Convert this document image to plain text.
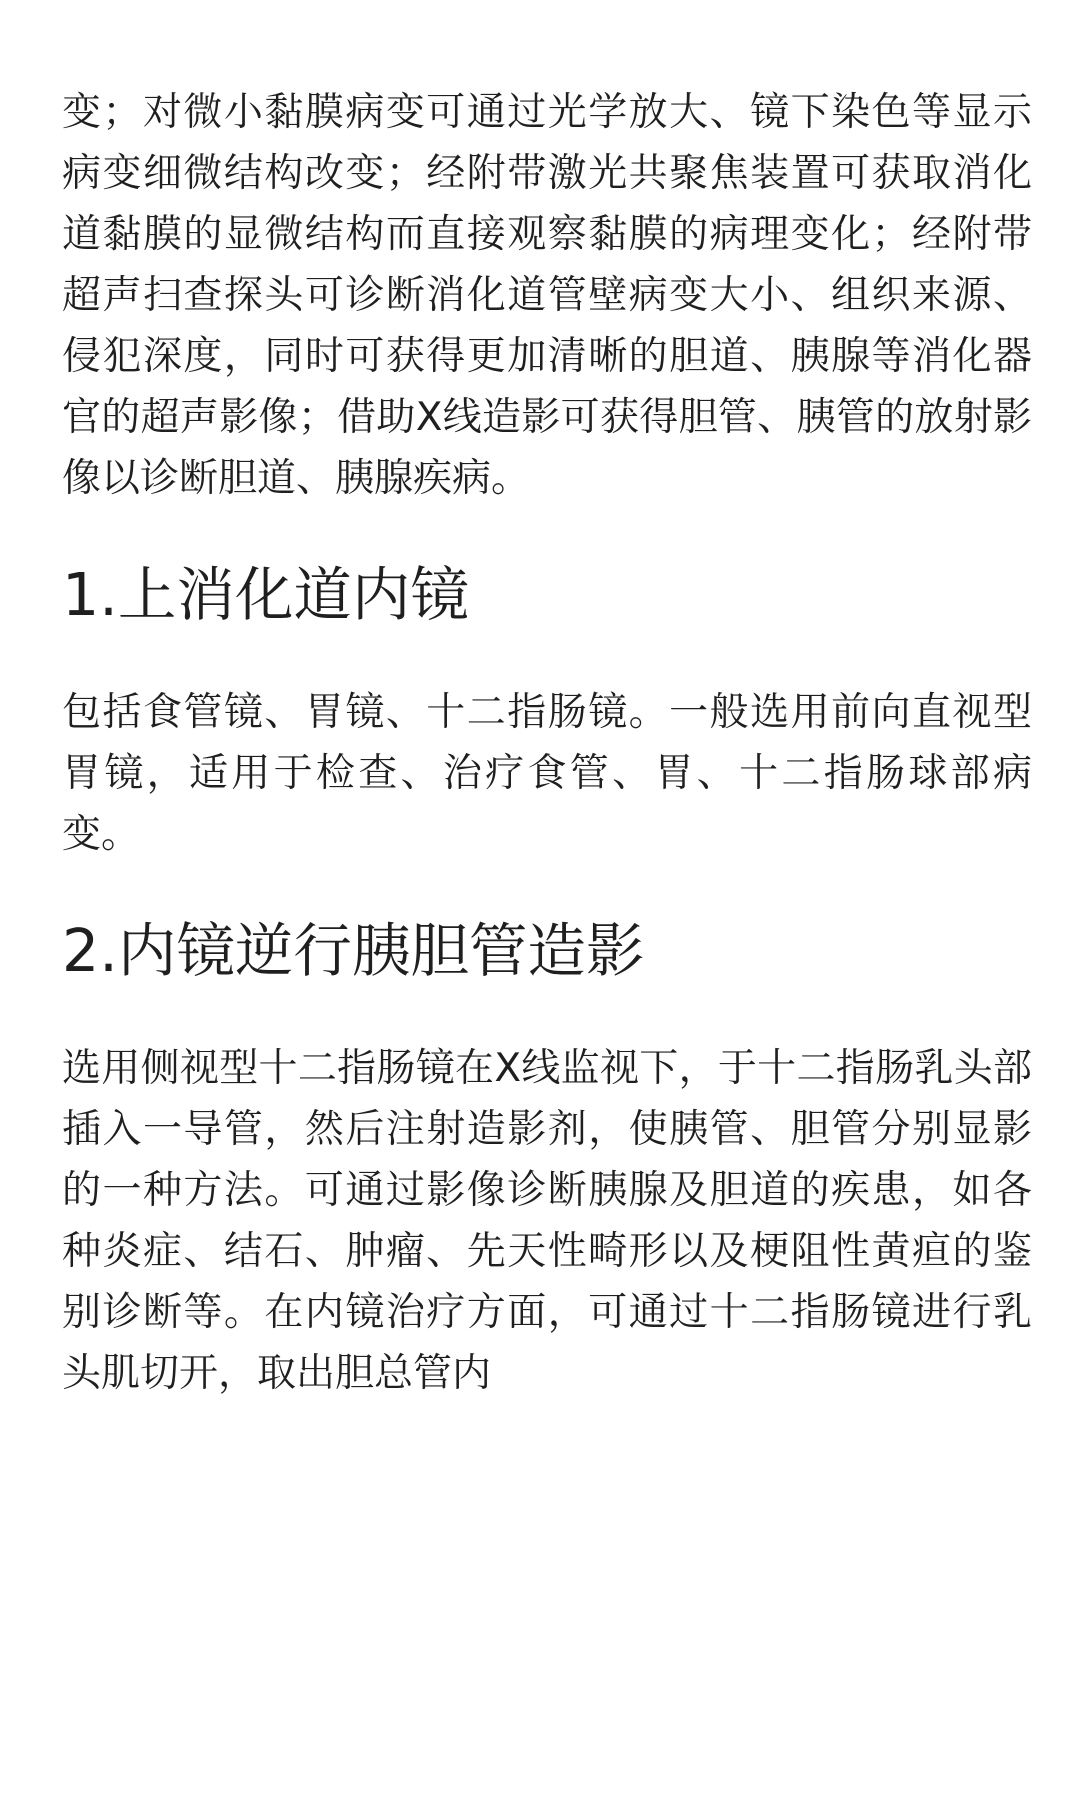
变；对微小黏膜病变可通过光学放大、镜下染色等显示病变细微结构改变；经附带激光共聚焦装置可获取消化道黏膜的显微结构而直接观察黏膜的病理变化；经附带超声扫查探头可诊断消化道管壁病变大小、组织来源、侵犯深度，同时可获得更加清晰的胆道、胰腺等消化器官的超声影像；借助X线造影可获得胆管、胰管的放射影像以诊断胆道、胰腺疾病。

1.上消化道内镜

包括食管镜、胃镜、十二指肠镜。一般选用前向直视型胃镜，适用于检查、治疗食管、胃、十二指肠球部病变。

2.内镜逆行胰胆管造影

选用侧视型十二指肠镜在X线监视下，于十二指肠乳头部插入一导管，然后注射造影剂，使胰管、胆管分别显影的一种方法。可通过影像诊断胰腺及胆道的疾患，如各种炎症、结石、肿瘤、先天性畸形以及梗阻性黄疸的鉴别诊断等。在内镜治疗方面，可通过十二指肠镜进行乳头肌切开，取出胆总管内
